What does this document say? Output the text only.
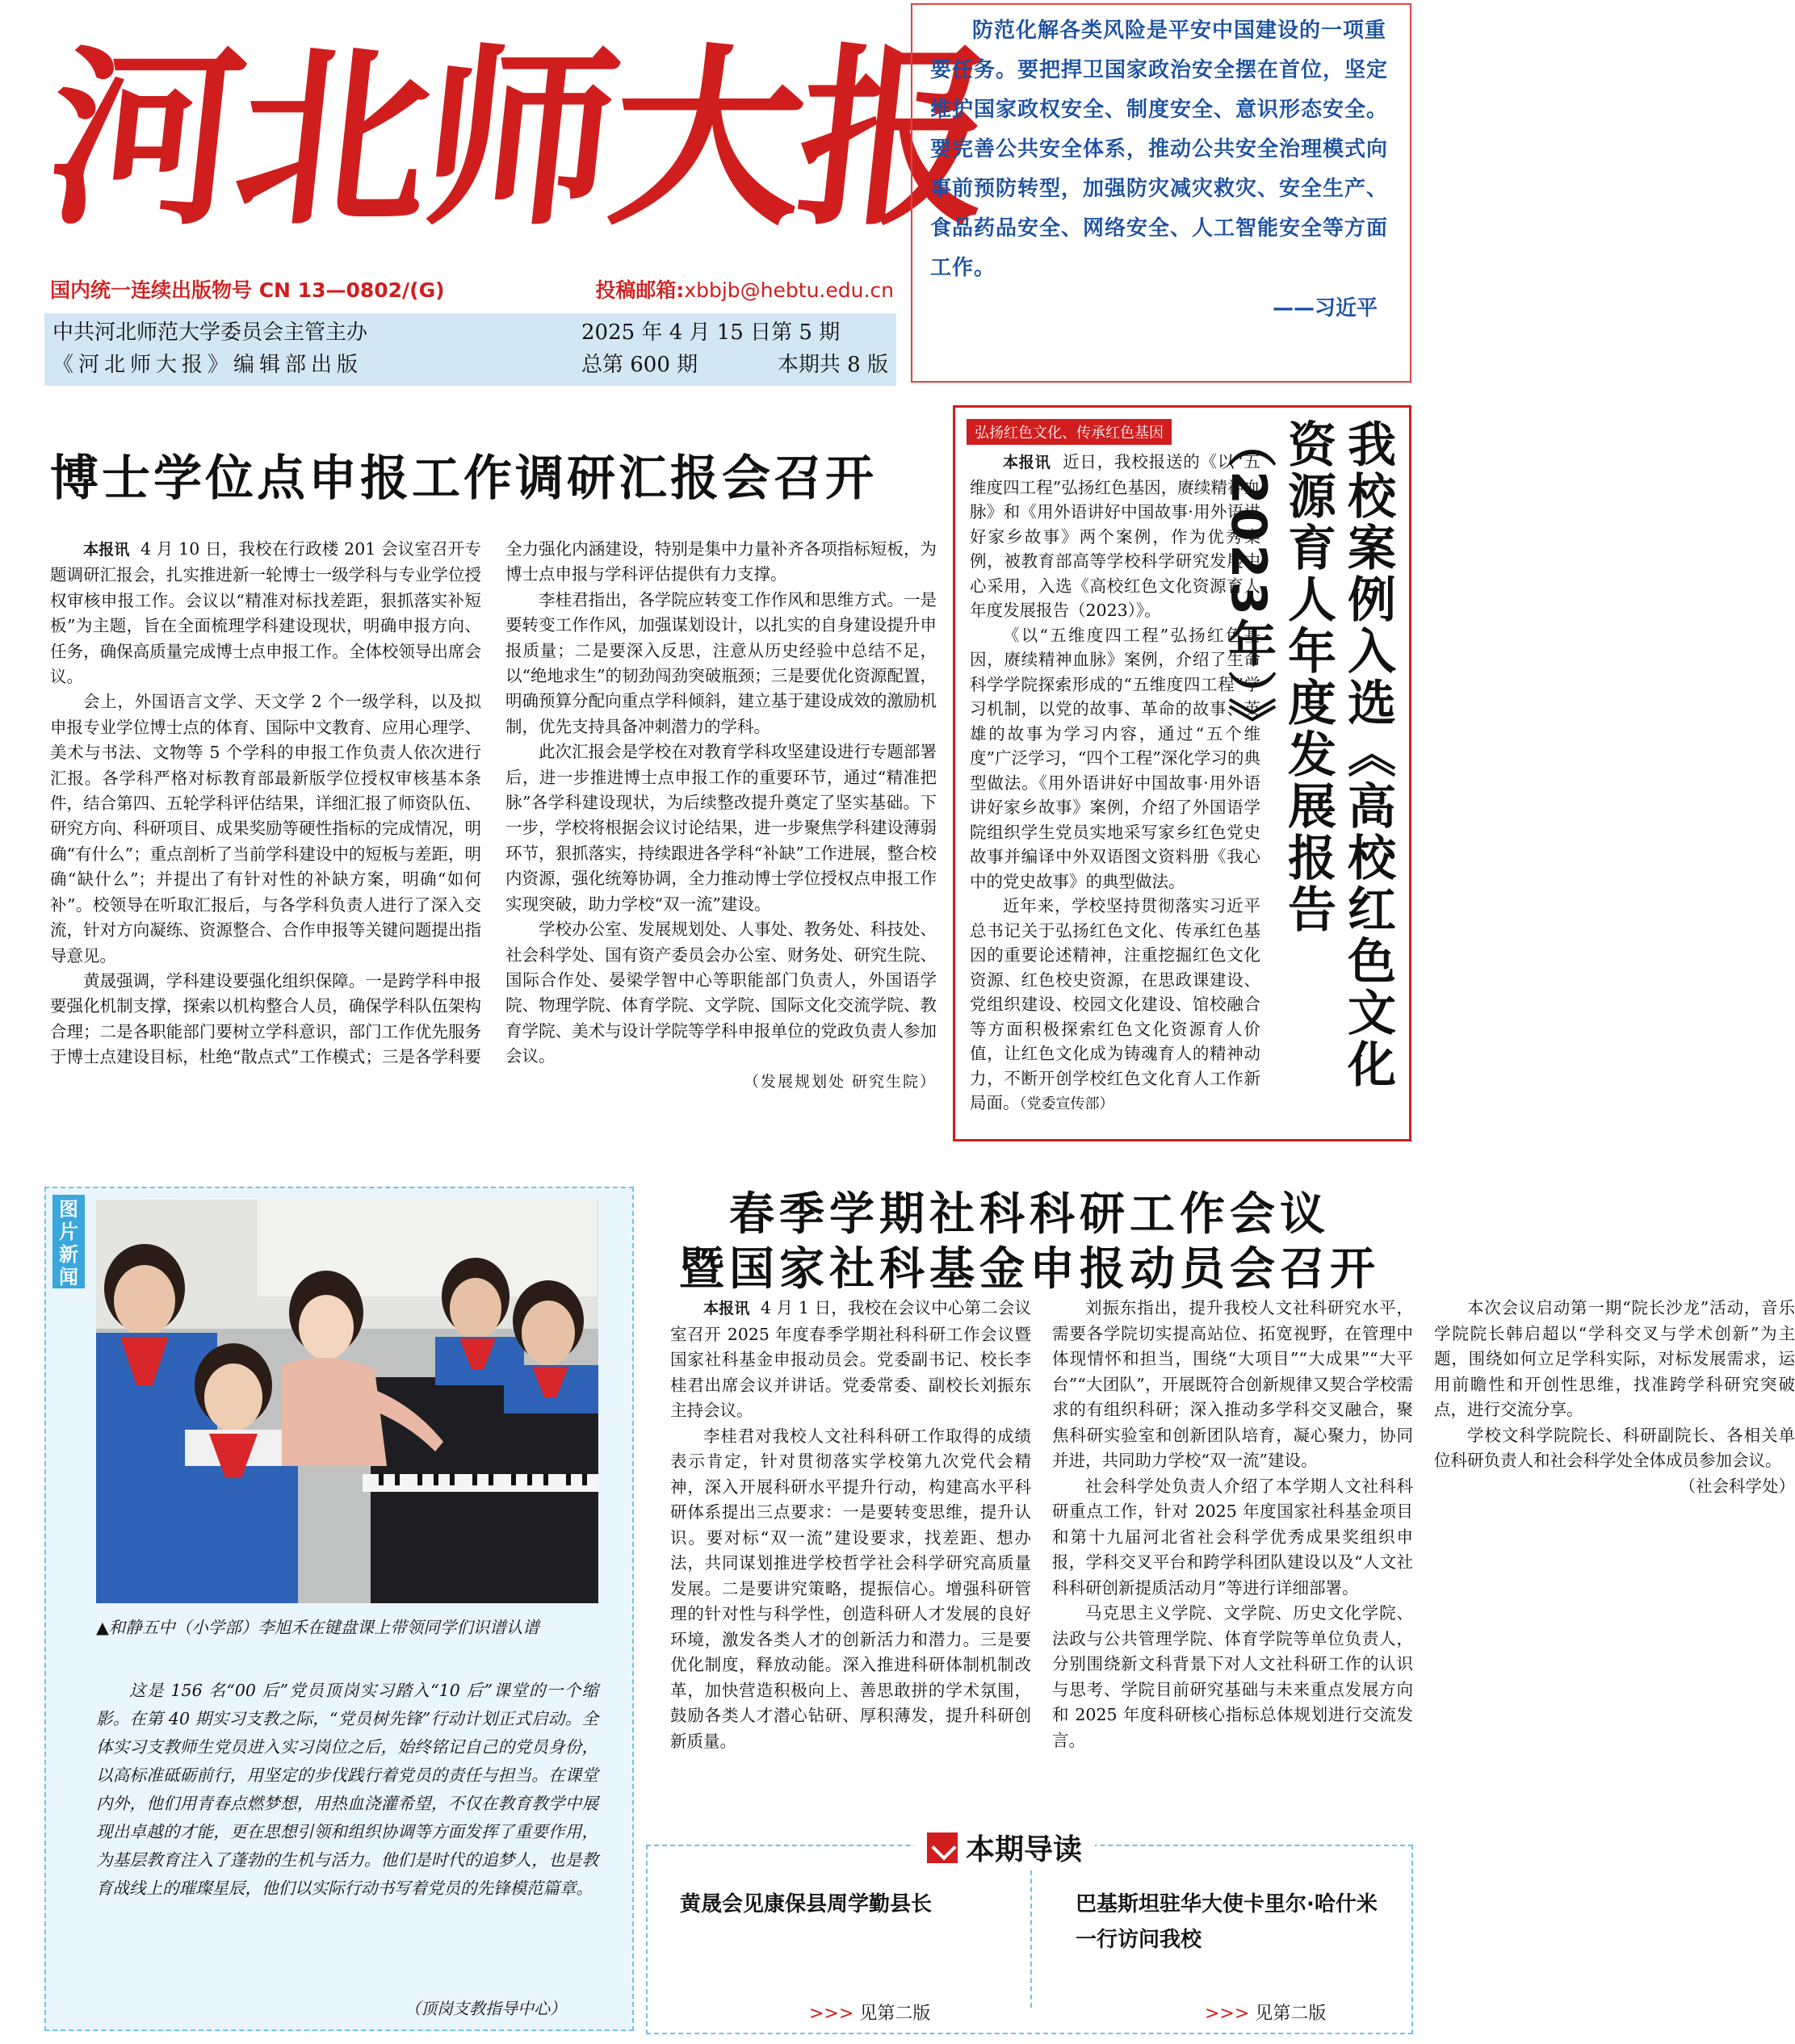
河北师大报
国内统一连续出版物号 CN 13—0802/(G)	投稿邮箱:xbbjb@hebtu.edu.cn
中共河北师范大学委员会主管主办	2025 年 4 月 15 日第 5 期
《河北师大报》编辑部出版	总第 600 期	本期共 8 版
防范化解各类风险是平安中国建设的一项重要任务。要把捍卫国家政治安全摆在首位，坚定维护国家政权安全、制度安全、意识形态安全。要完善公共安全体系，推动公共安全治理模式向事前预防转型，加强防灾减灾救灾、安全生产、食品药品安全、网络安全、人工智能安全等方面工作。
——习近平
博士学位点申报工作调研汇报会召开

本报讯 4 月 10 日，我校在行政楼 201 会议室召开专题调研汇报会，扎实推进新一轮博士一级学科与专业学位授权审核申报工作。会议以“精准对标找差距，狠抓落实补短板”为主题，旨在全面梳理学科建设现状，明确申报方向、任务，确保高质量完成博士点申报工作。全体校领导出席会议。

会上，外国语言文学、天文学 2 个一级学科，以及拟申报专业学位博士点的体育、国际中文教育、应用心理学、美术与书法、文物等 5 个学科的申报工作负责人依次进行汇报。各学科严格对标教育部最新版学位授权审核基本条件，结合第四、五轮学科评估结果，详细汇报了师资队伍、研究方向、科研项目、成果奖励等硬性指标的完成情况，明确“有什么”；重点剖析了当前学科建设中的短板与差距，明确“缺什么”；并提出了有针对性的补缺方案，明确“如何补”。校领导在听取汇报后，与各学科负责人进行了深入交流，针对方向凝练、资源整合、合作申报等关键问题提出指导意见。

黄晟强调，学科建设要强化组织保障。一是跨学科申报要强化机制支撑，探索以机构整合人员，确保学科队伍架构合理；二是各职能部门要树立学科意识，部门工作优先服务于博士点建设目标，杜绝“散点式”工作模式；三是各学科要全力强化内涵建设，特别是集中力量补齐各项指标短板，为博士点申报与学科评估提供有力支撑。

李桂君指出，各学院应转变工作作风和思维方式。一是要转变工作作风，加强谋划设计，以扎实的自身建设提升申报质量；二是要深入反思，注意从历史经验中总结不足，以“绝地求生”的韧劲闯劲突破瓶颈；三是要优化资源配置，明确预算分配向重点学科倾斜，建立基于建设成效的激励机制，优先支持具备冲刺潜力的学科。

此次汇报会是学校在对教育学科攻坚建设进行专题部署后，进一步推进博士点申报工作的重要环节，通过“精准把脉”各学科建设现状，为后续整改提升奠定了坚实基础。下一步，学校将根据会议讨论结果，进一步聚焦学科建设薄弱环节，狠抓落实，持续跟进各学科“补缺”工作进展，整合校内资源，强化统筹协调，全力推动博士学位授权点申报工作实现突破，助力学校“双一流”建设。

学校办公室、发展规划处、人事处、教务处、科技处、社会科学处、国有资产委员会办公室、财务处、研究生院、国际合作处、晏梁学智中心等职能部门负责人，外国语学院、物理学院、体育学院、文学院、国际文化交流学院、教育学院、美术与设计学院等学科申报单位的党政负责人参加会议。

（发展规划处 研究生院）

弘扬红色文化、传承红色基因

本报讯 近日，我校报送的《以“五维度四工程”弘扬红色基因，赓续精神血脉》和《用外语讲好中国故事·用外语讲好家乡故事》两个案例，作为优秀案例，被教育部高等学校科学研究发展中心采用，入选《高校红色文化资源育人年度发展报告（2023）》。

《以“五维度四工程”弘扬红色基因，赓续精神血脉》案例，介绍了生命科学学院探索形成的“五维度四工程”学习机制，以党的故事、革命的故事、英雄的故事为学习内容，通过“五个维度”广泛学习，“四个工程”深化学习的典型做法。《用外语讲好中国故事·用外语讲好家乡故事》案例，介绍了外国语学院组织学生党员实地采写家乡红色党史故事并编译中外双语图文资料册《我心中的党史故事》的典型做法。

近年来，学校坚持贯彻落实习近平总书记关于弘扬红色文化、传承红色基因的重要论述精神，注重挖掘红色文化资源、红色校史资源，在思政课建设、党组织建设、校园文化建设、馆校融合等方面积极探索红色文化资源育人价值，让红色文化成为铸魂育人的精神动力，不断开创学校红色文化育人工作新局面。（党委宣传部）

我校案例入选《高校红色文化资源育人年度发展报告（2023年）》
图片新闻
▲和静五中（小学部）李旭禾在键盘课上带领同学们识谱认谱

这是 156 名“00 后”党员顶岗实习踏入“10 后”课堂的一个缩影。在第 40 期实习支教之际，“党员树先锋”行动计划正式启动。全体实习支教师生党员进入实习岗位之后，始终铭记自己的党员身份，以高标准砥砺前行，用坚定的步伐践行着党员的责任与担当。在课堂内外，他们用青春点燃梦想，用热血浇灌希望，不仅在教育教学中展现出卓越的才能，更在思想引领和组织协调等方面发挥了重要作用，为基层教育注入了蓬勃的生机与活力。他们是时代的追梦人，也是教育战线上的璀璨星辰，他们以实际行动书写着党员的先锋模范篇章。

（顶岗支教指导中心）
春季学期社科科研工作会议
暨国家社科基金申报动员会召开

本报讯 4 月 1 日，我校在会议中心第二会议室召开 2025 年度春季学期社科科研工作会议暨国家社科基金申报动员会。党委副书记、校长李桂君出席会议并讲话。党委常委、副校长刘振东主持会议。

李桂君对我校人文社科科研工作取得的成绩表示肯定，针对贯彻落实学校第九次党代会精神，深入开展科研水平提升行动，构建高水平科研体系提出三点要求：一是要转变思维，提升认识。要对标“双一流”建设要求，找差距、想办法，共同谋划推进学校哲学社会科学研究高质量发展。二是要讲究策略，提振信心。增强科研管理的针对性与科学性，创造科研人才发展的良好环境，激发各类人才的创新活力和潜力。三是要优化制度，释放动能。深入推进科研体制机制改革，加快营造积极向上、善思敢拼的学术氛围，鼓励各类人才潜心钻研、厚积薄发，提升科研创新质量。

刘振东指出，提升我校人文社科研究水平，需要各学院切实提高站位、拓宽视野，在管理中体现情怀和担当，围绕“大项目”“大成果”“大平台”“大团队”，开展既符合创新规律又契合学校需求的有组织科研；深入推动多学科交叉融合，聚焦科研实验室和创新团队培育，凝心聚力，协同并进，共同助力学校“双一流”建设。

社会科学处负责人介绍了本学期人文社科科研重点工作，针对 2025 年度国家社科基金项目和第十九届河北省社会科学优秀成果奖组织申报，学科交叉平台和跨学科团队建设以及“人文社科科研创新提质活动月”等进行详细部署。

马克思主义学院、文学院、历史文化学院、法政与公共管理学院、体育学院等单位负责人，分别围绕新文科背景下对人文社科研工作的认识与思考、学院目前研究基础与未来重点发展方向和 2025 年度科研核心指标总体规划进行交流发言。

本次会议启动第一期“院长沙龙”活动，音乐学院院长韩启超以“学科交叉与学术创新”为主题，围绕如何立足学科实际，对标发展需求，运用前瞻性和开创性思维，找准跨学科研究突破点，进行交流分享。

学校文科学院院长、科研副院长、各相关单位科研负责人和社会科学处全体成员参加会议。

（社会科学处）

本期导读
黄晟会见康保县周学勤县长
>>> 见第二版
巴基斯坦驻华大使卡里尔·哈什米一行访问我校
>>> 见第二版
